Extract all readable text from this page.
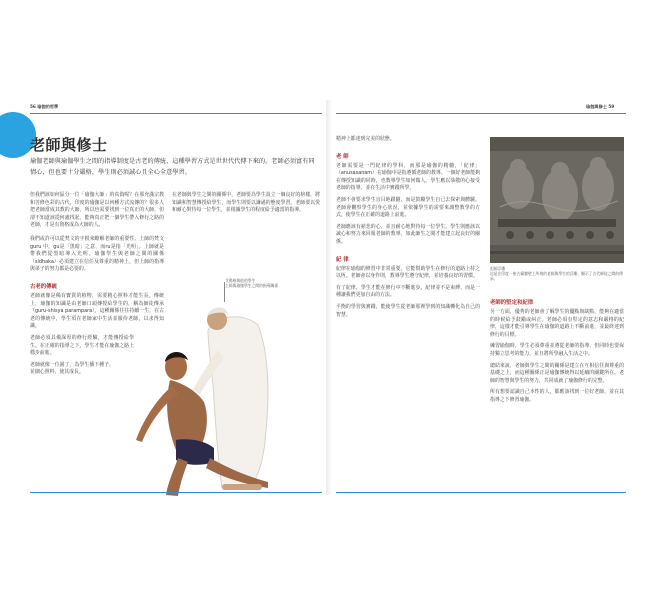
56 瑜伽的哲學	瑜伽與修士 59
老師與修士
瑜伽老師與瑜伽學生之間的指導制度是古老的傳統，這種學習方式是世世代代傳下來的。老師必須富有同情心，但也要十分嚴格，學生則必須誠心且全心全意學習。
但我們該如何區分一位「瑜伽大師」的真偽呢？在那充滿宗教和苦修色彩的古代，印度的瑜伽是以何種方式流傳的？很多人把老師當成其教的大師，所以也需要找到一位真正的大師，但卻不知道該從何處找起，能夠真正把一個學生帶入修行之路的老師，才是有資格成為大師的人。
我們或許可以從梵文的字根來瞭解老師的重要性。上師的梵文 guru 中，gu是「黑暗」之意，而ru是指「光明」。上師就是帶我們從黑暗導入光明。瑜伽學生與老師之間的關係（sidhaka）必須建立在信任及尊重的精神上，但上師的指導與弟子的努力都是必要的。
古老的傳統
老師就像是稀有寶貴的植物，需要精心照料才能生長。傳統上，瑜伽的知識是由老師口頭傳授給學生的，稱為師徒傳承（guru-shisya parampara），這種關係往往持續一生。在古老的傳統中，學生須在老師家中生活並服侍老師，以求得知識。
老師必須具備深厚的修行經驗，才能傳授給學生。在正確的指導之下，學生才能在瑜伽之路上穩步前進。
老師就像一位園丁，為學生播下種子，並細心照料，使其成長。
在老師與學生之間的關係中，老師要為學生設立一個良好的榜樣，將知識和智慧傳授給學生，而學生則要以謙遜的態度學習。老師要以愛和耐心對待每一位學生，並根據學生的程度給予適當的指導。
艾揚格與他的學生
上師與瑜伽學生之間的指導關係
精神上都達到完美的狀態。
老 師
老師需要是一門紀律的學科，而那是瑜伽的精髓，「紀律」（anusasanam）在瑜伽中是指遵循老師的教導。一個好老師能夠在傳授知識的同時，也教導學生如何做人。學生應以恭敬的心接受老師的指導，並在生活中實踐所學。
老師不會要求學生盲目地跟隨，而是鼓勵學生自己去探索與體驗。老師會觀察學生的身心狀況，並依據學生的需要來調整教學的方式，使學生在正確的道路上前進。
老師應該有慈悲的心，並且耐心地對待每一位學生。學生則應該以誠心和努力來回報老師的教導，如此師生之間才能建立起良好的關係。
紀 律
紀律在瑜伽的修習中非常重要，它能幫助學生在修行的道路上持之以恆。老師會以身作則，教導學生遵守紀律，並培養良好的習慣。
有了紀律，學生才能在修行中不斷進步。紀律並不是束縛，而是一種讓我們更加自由的方法。
平衡的學習與實踐，能使學生從老師那裡學到的知識轉化為自己的智慧。
祖師浮雕
這是在印度一座古廟牆壁上所刻的老師與學生的浮雕，顯示了古代師徒之間的傳承。
老師的堅定和紀律
另一方面，優秀的老師會了解學生的優點與缺點，能夠在適當的時候給予鼓勵或糾正。老師必須有堅定的意志和嚴格的紀律，這樣才能引導學生在瑜伽的道路上不斷前進，並最終達到修行的目標。
練習瑜伽時，學生必須尊重並遵從老師的指導，但同時也要保持獨立思考的能力，並且將所學融入生活之中。
總結來說，老師與學生之間的關係是建立在互相信任與尊重的基礎之上，而這種關係正是瑜伽傳統得以延續的關鍵所在。老師的智慧與學生的努力，共同成就了瑜伽修行的完整。
所有想要認識自己本性的人，都應該找到一位好老師，並在其指導之下修習瑜伽。
